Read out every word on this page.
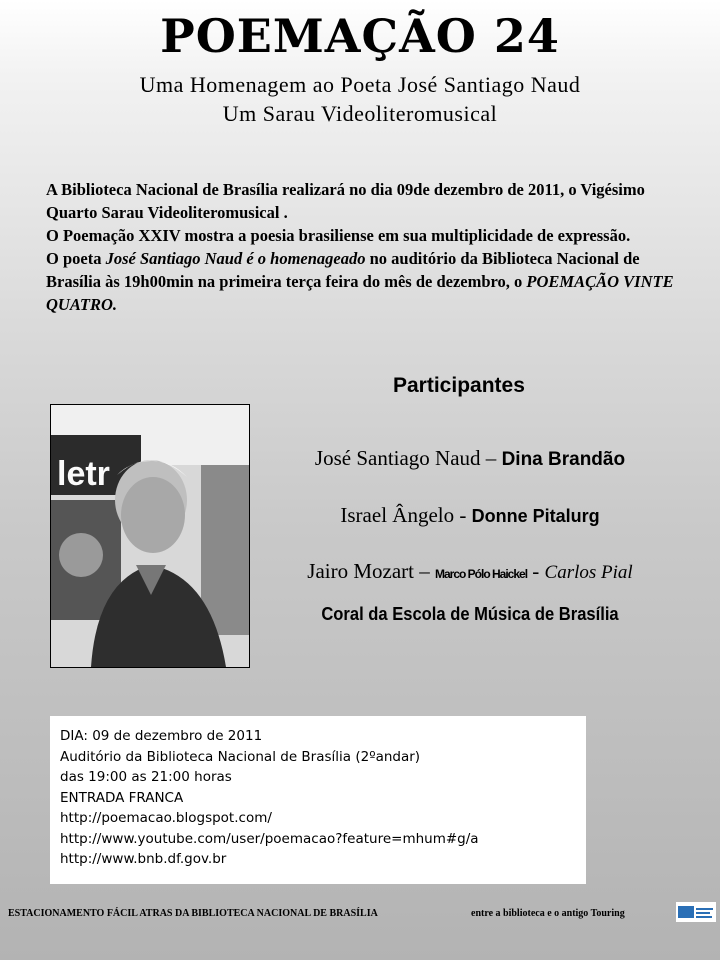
POEMAÇÃO 24
Uma Homenagem ao Poeta José Santiago Naud
Um Sarau Videoliteromusical

A Biblioteca Nacional de Brasília realizará no dia 09de dezembro de 2011, o Vigésimo Quarto Sarau Videoliteromusical .

O Poemação XXIV mostra a poesia brasiliense em sua multiplicidade de expressão.

O poeta José Santiago Naud é o homenageado no auditório da Biblioteca Nacional de Brasília às 19h00min na primeira terça feira do mês de dezembro, o POEMAÇÃO VINTE QUATRO.

Participantes
letr	José Santiago Naud – Dina Brandão
Israel Ângelo - Donne Pitalurg
Jairo Mozart – Marco Pólo Haickel - Carlos Pial
Coral da Escola de Música de Brasília
DIA: 09 de dezembro de 2011
Auditório da Biblioteca Nacional de Brasília (2ºandar)
das 19:00 as 21:00 horas
ENTRADA FRANCA
http://poemacao.blogspot.com/
http://www.youtube.com/user/poemacao?feature=mhum#g/a
http://www.bnb.df.gov.br
ESTACIONAMENTO FÁCIL ATRAS DA BIBLIOTECA NACIONAL DE BRASÍLIA	entre a biblioteca e o antigo Touring
